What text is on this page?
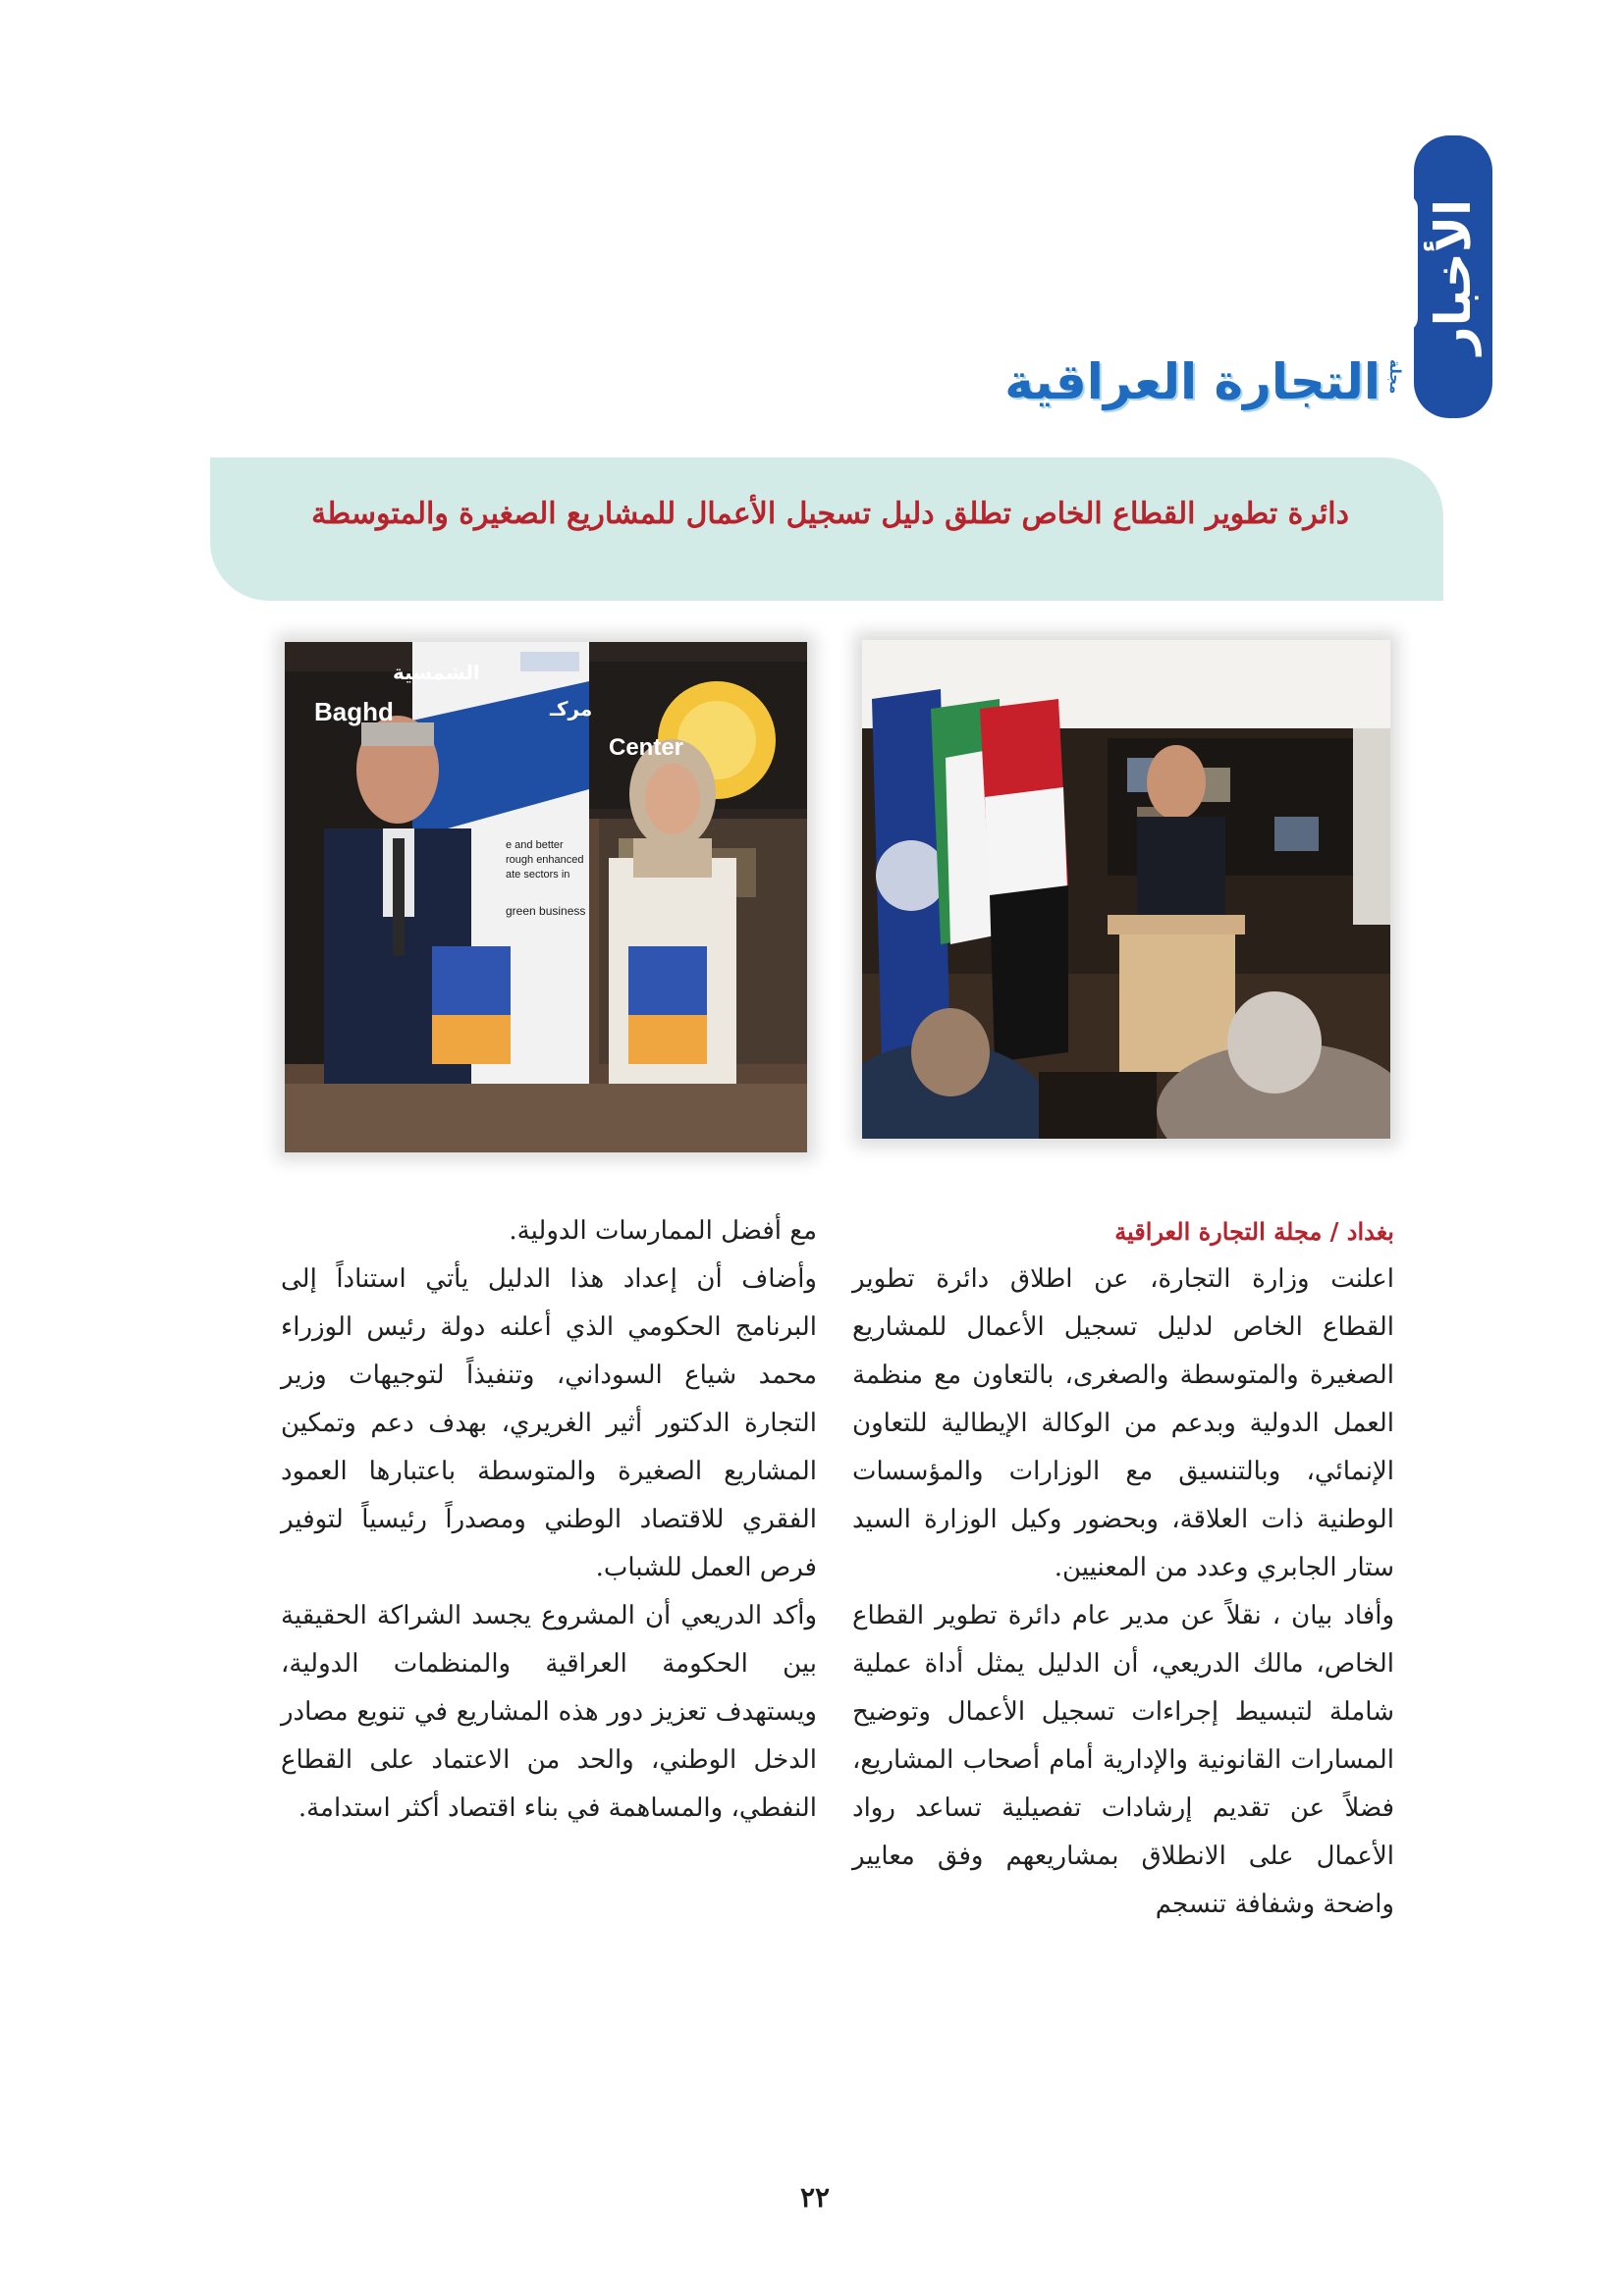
الأخبار
التجارة العراقية مجلة
دائرة تطوير القطاع الخاص تطلق دليل تسجيل الأعمال للمشاريع الصغيرة والمتوسطة
Baghd
Center
الشمسية
مركـ
e and better
rough enhanced
ate sectors in
green business

بغداد / مجلة التجارة العراقية

اعلنت وزارة التجارة، عن اطلاق دائرة تطوير القطاع الخاص لدليل تسجيل الأعمال للمشاريع الصغيرة والمتوسطة والصغرى، بالتعاون مع منظمة العمل الدولية وبدعم من الوكالة الإيطالية للتعاون الإنمائي، وبالتنسيق مع الوزارات والمؤسسات الوطنية ذات العلاقة، وبحضور وكيل الوزارة السيد ستار الجابري وعدد من المعنيين.

وأفاد بيان ، نقلاً عن مدير عام دائرة تطوير القطاع الخاص، مالك الدريعي، أن الدليل يمثل أداة عملية شاملة لتبسيط إجراءات تسجيل الأعمال وتوضيح المسارات القانونية والإدارية أمام أصحاب المشاريع، فضلاً عن تقديم إرشادات تفصيلية تساعد رواد الأعمال على الانطلاق بمشاريعهم وفق معايير واضحة وشفافة تنسجم

مع أفضل الممارسات الدولية.

وأضاف أن إعداد هذا الدليل يأتي استناداً إلى البرنامج الحكومي الذي أعلنه دولة رئيس الوزراء محمد شياع السوداني، وتنفيذاً لتوجيهات وزير التجارة الدكتور أثير الغريري، بهدف دعم وتمكين المشاريع الصغيرة والمتوسطة باعتبارها العمود الفقري للاقتصاد الوطني ومصدراً رئيسياً لتوفير فرص العمل للشباب.

وأكد الدريعي أن المشروع يجسد الشراكة الحقيقية بين الحكومة العراقية والمنظمات الدولية، ويستهدف تعزيز دور هذه المشاريع في تنويع مصادر الدخل الوطني، والحد من الاعتماد على القطاع النفطي، والمساهمة في بناء اقتصاد أكثر استدامة.

٢٢
